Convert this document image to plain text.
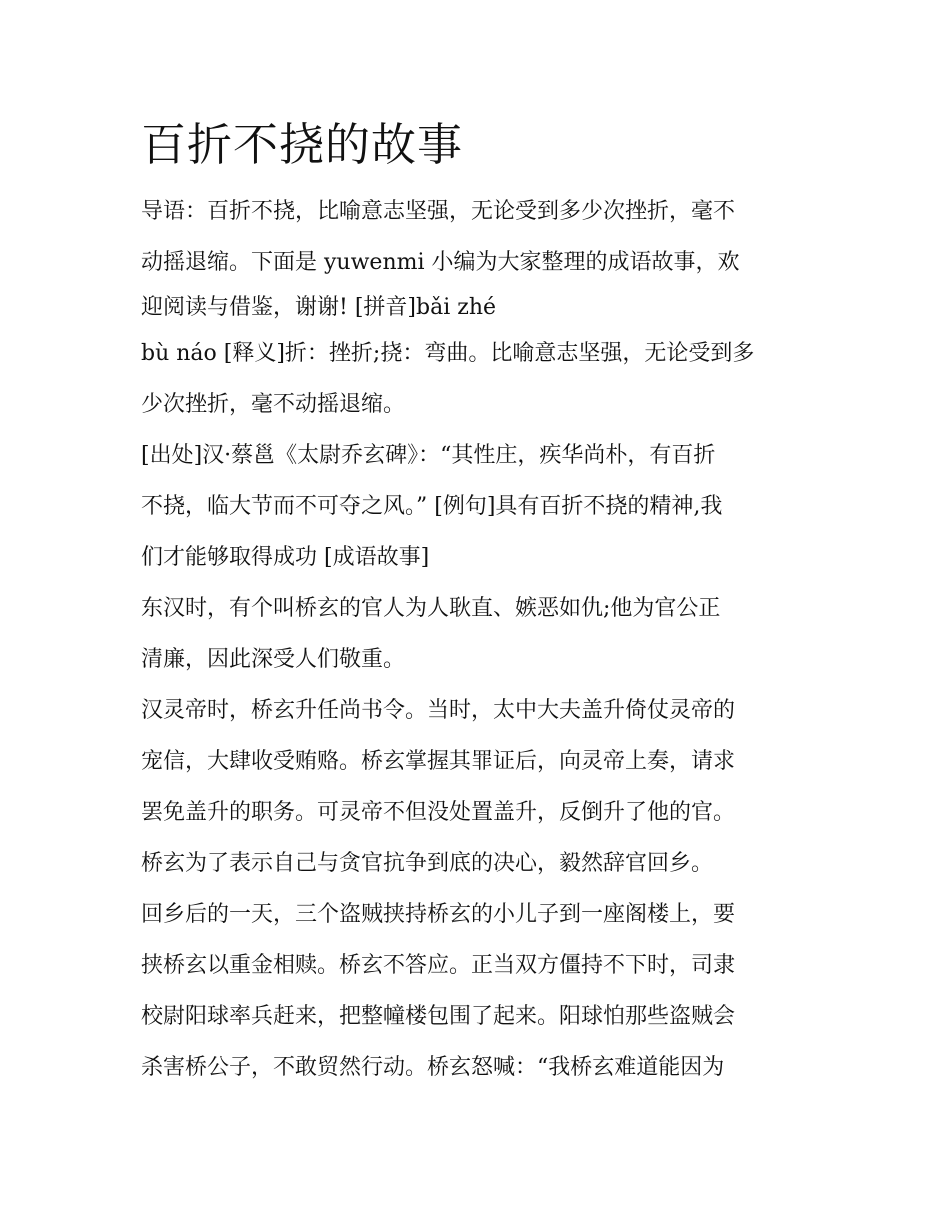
百折不挠的故事
导语：百折不挠，比喻意志坚强，无论受到多少次挫折，毫不
动摇退缩。下面是 yuwenmi 小编为大家整理的成语故事，欢
迎阅读与借鉴，谢谢! [拼音]bǎi zhé
bù náo [释义]折：挫折;挠：弯曲。比喻意志坚强，无论受到多
少次挫折，毫不动摇退缩。
[出处]汉·蔡邕《太尉乔玄碑》：“其性庄，疾华尚朴，有百折
不挠，临大节而不可夺之风。” [例句]具有百折不挠的精神,我
们才能够取得成功 [成语故事]
东汉时，有个叫桥玄的官人为人耿直、嫉恶如仇;他为官公正
清廉，因此深受人们敬重。
汉灵帝时，桥玄升任尚书令。当时，太中大夫盖升倚仗灵帝的
宠信，大肆收受贿赂。桥玄掌握其罪证后，向灵帝上奏，请求
罢免盖升的职务。可灵帝不但没处置盖升，反倒升了他的官。
桥玄为了表示自己与贪官抗争到底的决心，毅然辞官回乡。
回乡后的一天，三个盗贼挟持桥玄的小儿子到一座阁楼上，要
挟桥玄以重金相赎。桥玄不答应。正当双方僵持不下时，司隶
校尉阳球率兵赶来，把整幢楼包围了起来。阳球怕那些盗贼会
杀害桥公子，不敢贸然行动。桥玄怒喊：“我桥玄难道能因为
